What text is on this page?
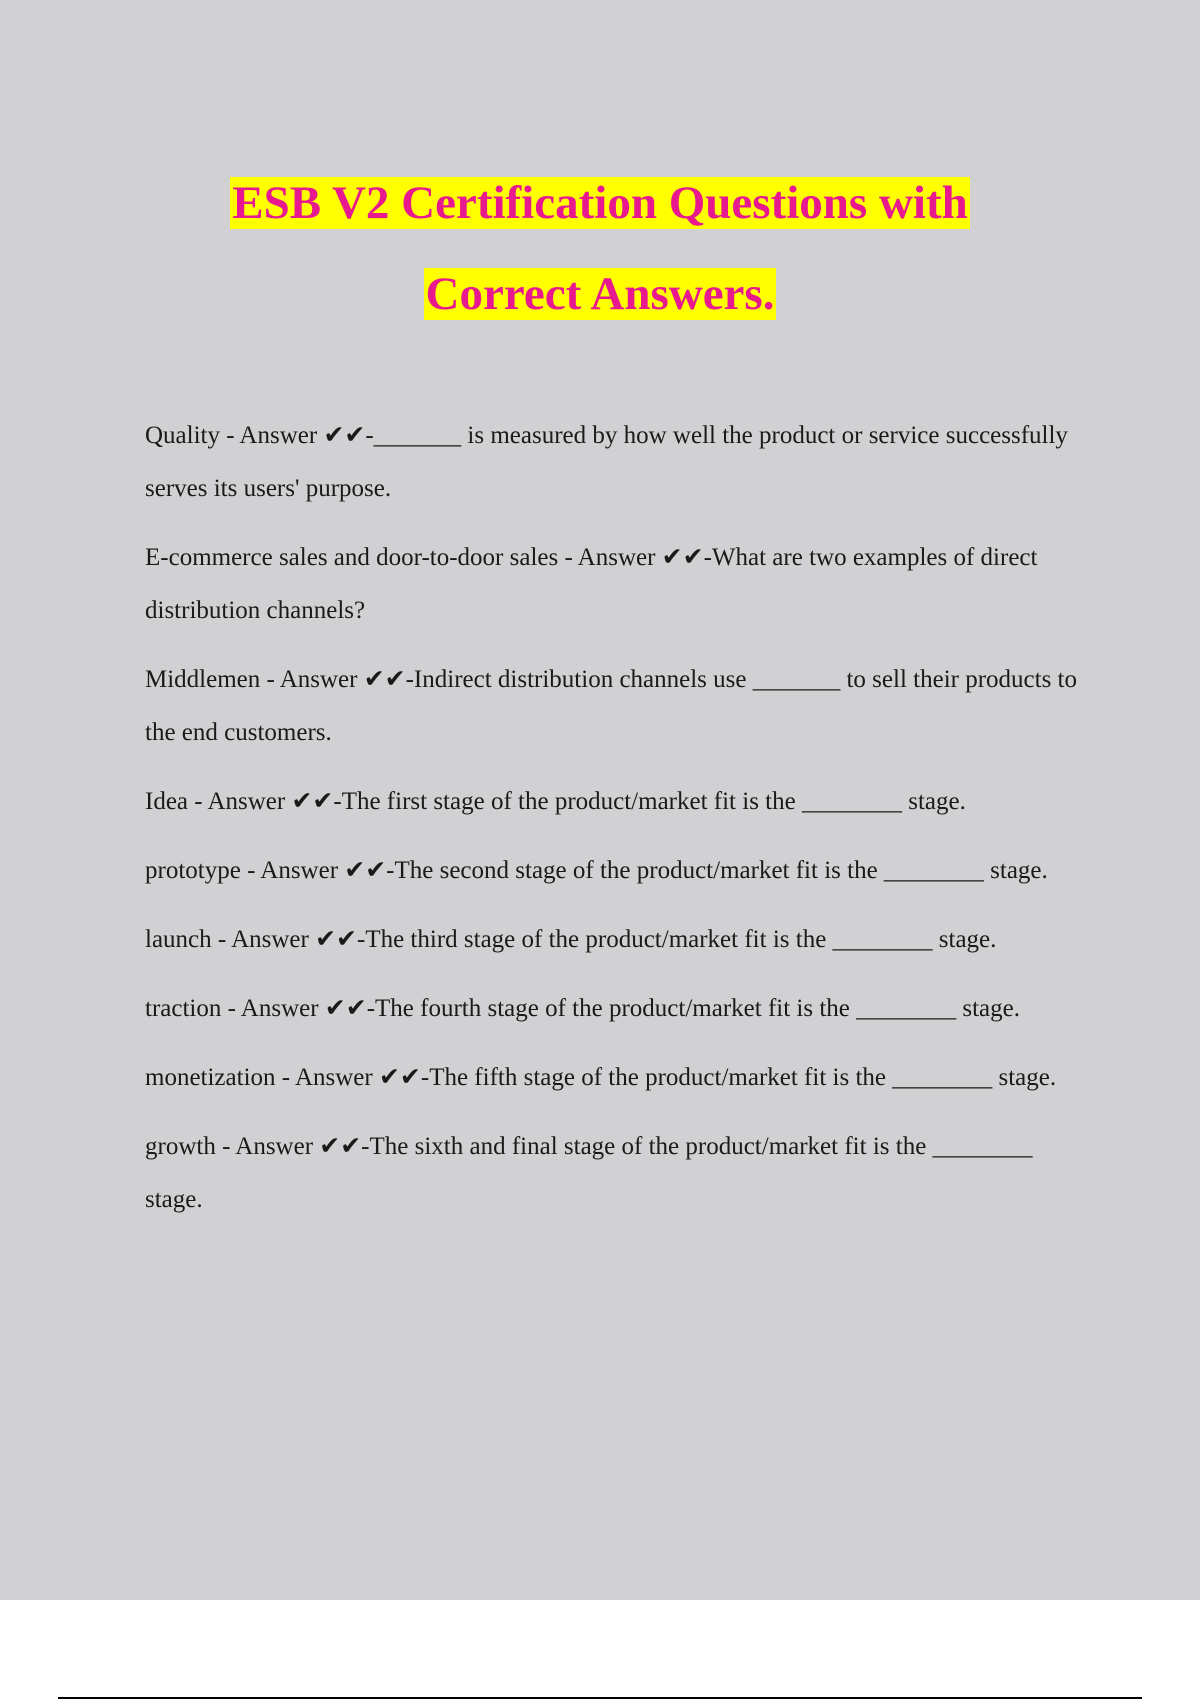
ESB V2 Certification Questions with
Correct Answers.

Quality - Answer ✔✔-_______ is measured by how well the product or service successfully serves its users' purpose.

E-commerce sales and door-to-door sales - Answer ✔✔-What are two examples of direct distribution channels?

Middlemen - Answer ✔✔-Indirect distribution channels use _______ to sell their products to the end customers.

Idea - Answer ✔✔-The first stage of the product/market fit is the ________ stage.

prototype - Answer ✔✔-The second stage of the product/market fit is the ________ stage.

launch - Answer ✔✔-The third stage of the product/market fit is the ________ stage.

traction - Answer ✔✔-The fourth stage of the product/market fit is the ________ stage.

monetization - Answer ✔✔-The fifth stage of the product/market fit is the ________ stage.

growth - Answer ✔✔-The sixth and final stage of the product/market fit is the ________ stage.
